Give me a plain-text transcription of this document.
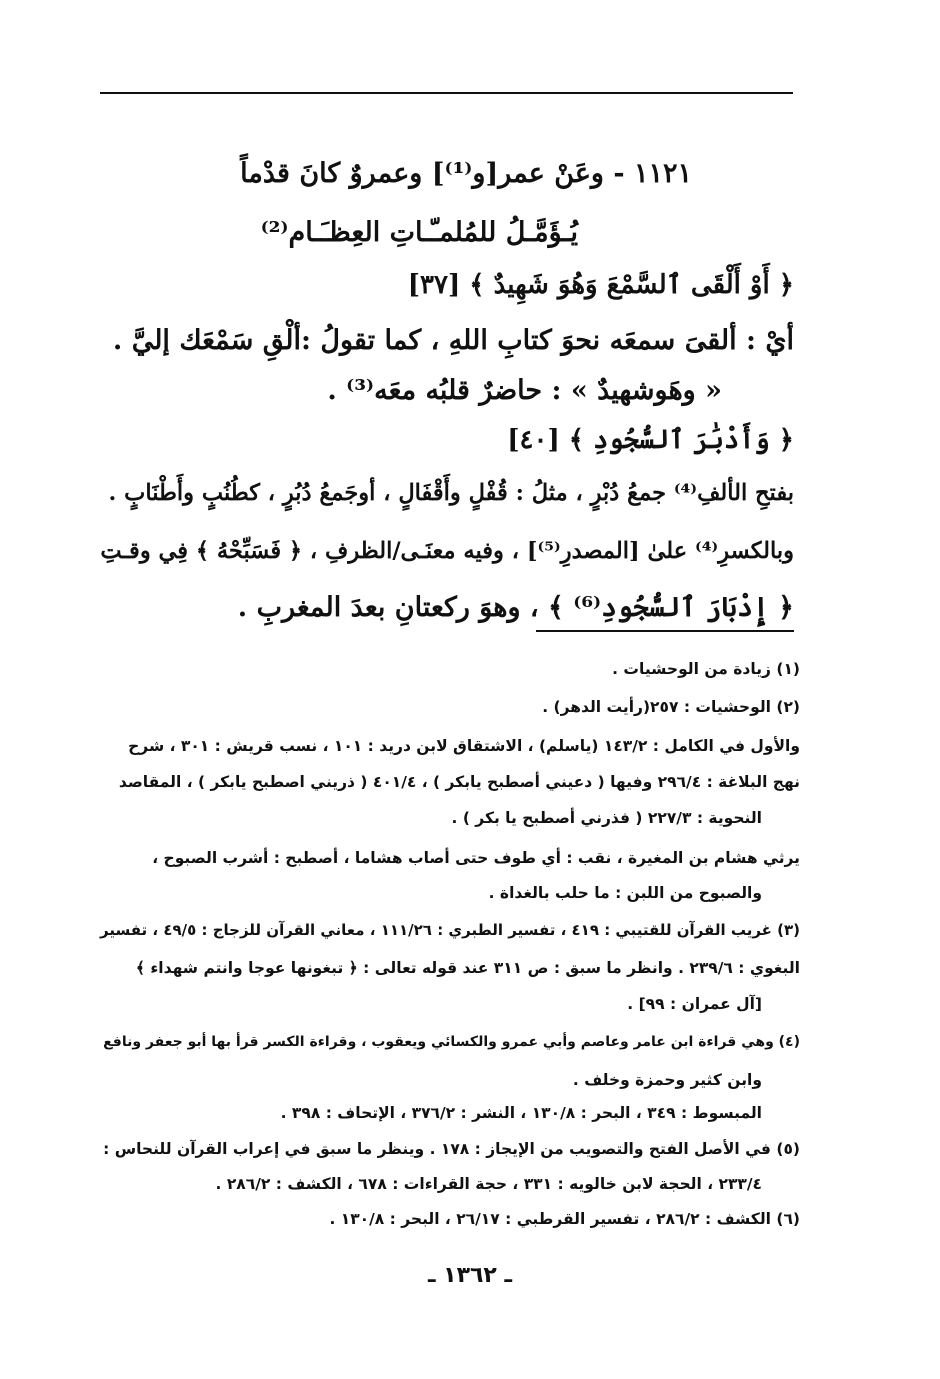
١١٢١ - وعَنْ عمر[و⁽¹⁾] وعمروٌ كانَ قدْماً
يُـؤَمَّـلُ للمُلمـّـاتِ العِظـَـام⁽²⁾
﴿ أَوْ أَلْقَى ٱلسَّمْعَ وَهُوَ شَهِيدٌ ﴾ [٣٧]
أيْ : ألقىَ سمعَه نحوَ كتابِ اللهِ ، كما تقولُ :ألْقِ سَمْعَك إليَّ .
« وهَوشهيدٌ » : حاضرٌ قلبُه معَه⁽³⁾ .
﴿ وَأَدْبَٰرَ ٱلسُّجُودِ ﴾ [٤٠]
بفتحِ الألفِ⁽⁴⁾ جمعُ دُبْرٍ ، مثلُ : قُفْلٍ وأَقْفَالٍ ، أوجَمعُ دُبُرٍ ، كطُنُبٍ وأَطْنَابٍ .
وبالكسرِ⁽⁴⁾ علىٰ [المصدرِ⁽⁵⁾] ، وفيه معنَـى/الظرفِ ، ﴿ فَسَبِّحْهُ ﴾ فِي وقـتِ
﴿ إِدْبَارَ ٱلسُّجُودِ⁽⁶⁾ ﴾ ، وهوَ ركعتانِ بعدَ المغربِ .
(١) زيادة من الوحشيات .
(٢) الوحشيات : ٢٥٧(رأيت الدهر) .
والأول في الكامل : ١٤٣/٢ (ياسلم) ، الاشتقاق لابن دريد : ١٠١ ، نسب قريش : ٣٠١ ، شرح
نهج البلاغة : ٢٩٦/٤ وفيها ( دعيني أصطبح يابكر ) ، ٤٠١/٤ ( ذريني اصطبح يابكر ) ، المقاصد
النحوية : ٢٢٧/٣ ( فذرني أصطبح يا بكر ) .
يرثي هشام بن المغيرة ، نقب : أي طوف حتى أصاب هشاما ، أصطبح : أشرب الصبوح ،
والصبوح من اللبن : ما حلب بالغداة .
(٣) غريب القرآن للقتيبي : ٤١٩ ، تفسير الطبري : ١١١/٢٦ ، معاني القرآن للزجاج : ٤٩/٥ ، تفسير
البغوي : ٢٣٩/٦ . وانظر ما سبق : ص ٣١١ عند قوله تعالى : ﴿ تبغونها عوجا وانتم شهداء ﴾
[آل عمران : ٩٩] .
(٤) وهي قراءة ابن عامر وعاصم وأبي عمرو والكسائي ويعقوب ، وقراءة الكسر قرأ بها أبو جعفر ونافع
وابن كثير وحمزة وخلف .
المبسوط : ٣٤٩ ، البحر : ١٣٠/٨ ، النشر : ٣٧٦/٢ ، الإتحاف : ٣٩٨ .
(٥) في الأصل الفتح والتصويب من الإيجاز : ١٧٨ . وينظر ما سبق في إعراب القرآن للنحاس :
٢٣٣/٤ ، الحجة لابن خالويه : ٣٣١ ، حجة القراءات : ٦٧٨ ، الكشف : ٢٨٦/٢ .
(٦) الكشف : ٢٨٦/٢ ، تفسير القرطبي : ٢٦/١٧ ، البحر : ١٣٠/٨ .
ـ ١٣٦٢ ـ
